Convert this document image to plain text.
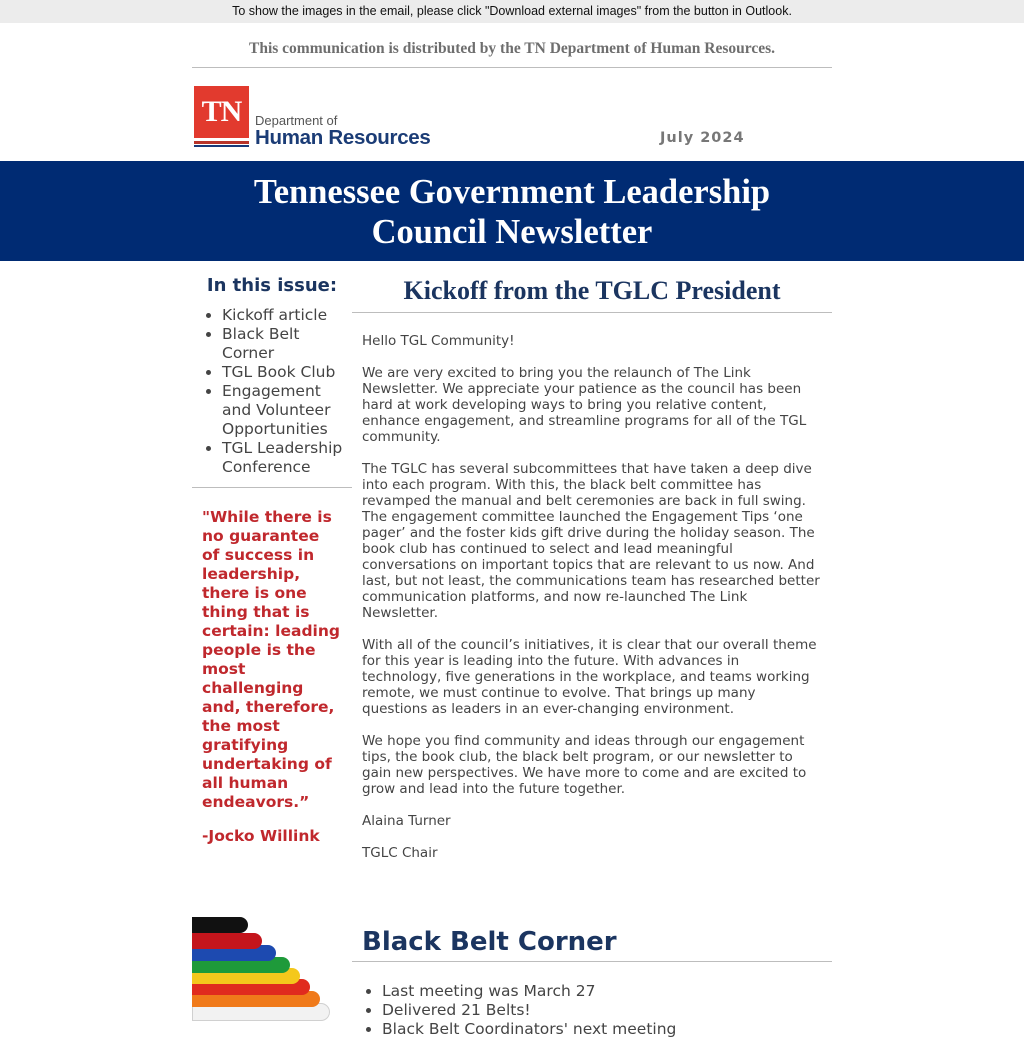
To show the images in the email, please click "Download external images" from the button in Outlook.
This communication is distributed by the TN Department of Human Resources.
TN	Department of
Human Resources	July 2024
Tennessee Government Leadership
Council Newsletter
In this issue:
• Kickoff article
• Black Belt Corner
• TGL Book Club
• Engagement and Volunteer Opportunities
• TGL Leadership Conference
"While there is no guarantee of success in leadership, there is one thing that is certain: leading people is the most challenging and, therefore, the most gratifying undertaking of all human endeavors.”
-Jocko Willink
Kickoff from the TGLC President

Hello TGL Community!

We are very excited to bring you the relaunch of The Link Newsletter. We appreciate your patience as the council has been hard at work developing ways to bring you relative content, enhance engagement, and streamline programs for all of the TGL community.

The TGLC has several subcommittees that have taken a deep dive into each program. With this, the black belt committee has revamped the manual and belt ceremonies are back in full swing. The engagement committee launched the Engagement Tips ‘one pager’ and the foster kids gift drive during the holiday season. The book club has continued to select and lead meaningful conversations on important topics that are relevant to us now. And last, but not least, the communications team has researched better communication platforms, and now re-launched The Link Newsletter.

With all of the council’s initiatives, it is clear that our overall theme for this year is leading into the future. With advances in technology, five generations in the workplace, and teams working remote, we must continue to evolve. That brings up many questions as leaders in an ever-changing environment.

We hope you find community and ideas through our engagement tips, the book club, the black belt program, or our newsletter to gain new perspectives. We have more to come and are excited to grow and lead into the future together.

Alaina Turner

TGLC Chair

Black Belt Corner
• Last meeting was March 27
• Delivered 21 Belts!
• Black Belt Coordinators' next meeting
